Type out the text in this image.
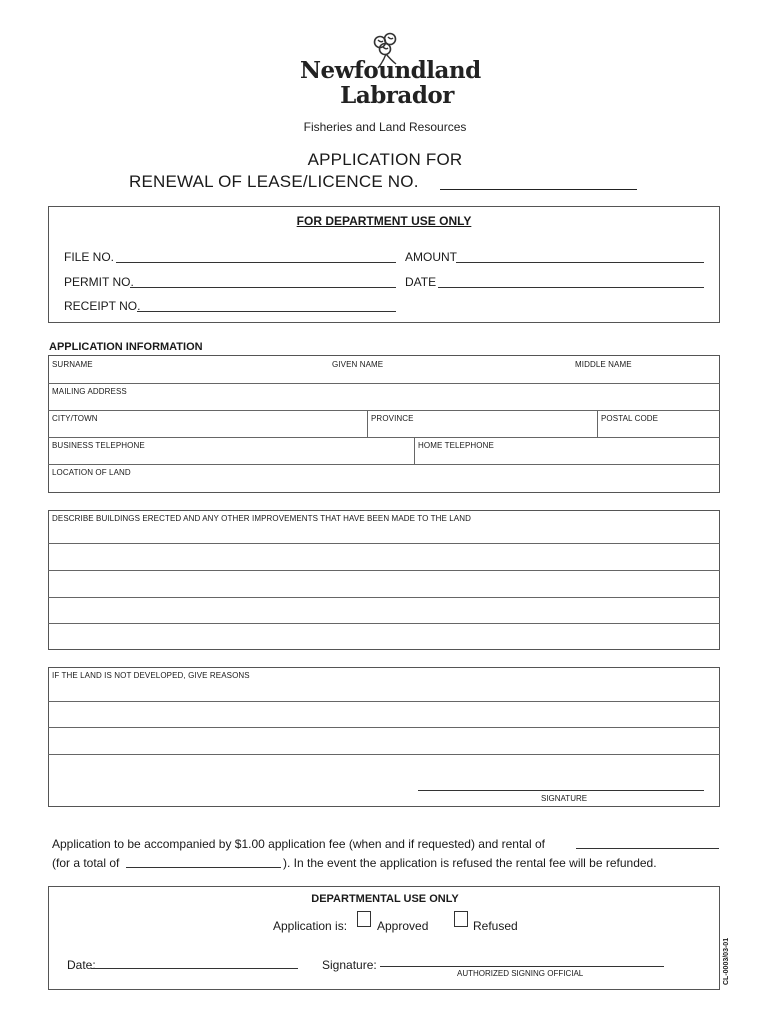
Newfoundland
Labrador
Fisheries and Land Resources
APPLICATION FOR
RENEWAL OF LEASE/LICENCE NO.
FOR DEPARTMENT USE ONLY
FILE NO.	AMOUNT
PERMIT NO.	DATE
RECEIPT NO.
APPLICATION INFORMATION
SURNAME	GIVEN NAME	MIDDLE NAME
MAILING ADDRESS
CITY/TOWN	PROVINCE	POSTAL CODE
BUSINESS TELEPHONE	HOME TELEPHONE
LOCATION OF LAND
DESCRIBE BUILDINGS ERECTED AND ANY OTHER IMPROVEMENTS THAT HAVE BEEN MADE TO THE LAND
IF THE LAND IS NOT DEVELOPED, GIVE REASONS
SIGNATURE
Application to be accompanied by $1.00 application fee (when and if requested) and rental of
(for a total of	). In the event the application is refused the rental fee will be refunded.
DEPARTMENTAL USE ONLY
Application is: Approved	Refused
Date:	Signature:
AUTHORIZED SIGNING OFFICIAL	CL-0003/03-01
